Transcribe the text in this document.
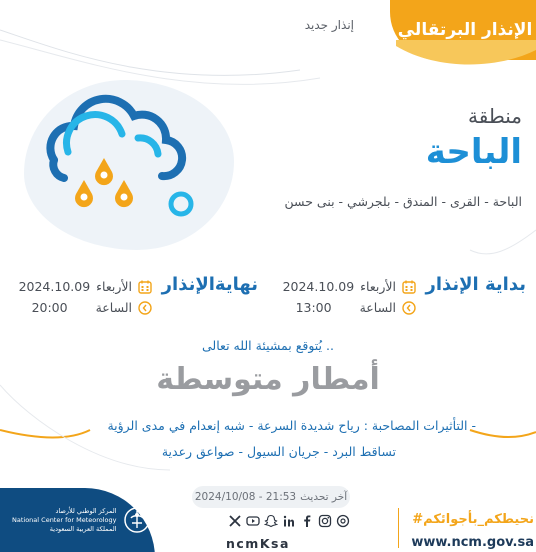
الإنذار البرتقالي
إنذار جديد
منطقة
الباحة
الباحة - القرى - المندق - بلجرشي - بنى حسن
بداية الإنذار
2024.10.09 الأربعاء
13:00 الساعة
نهايةالإنذار
2024.10.09 الأربعاء
20:00 الساعة
يُتوقع بمشيئة الله تعالى ..
أمطار متوسطة
التأثيرات المصاحبة : رياح شديدة السرعة - شبه إنعدام في مدى الرؤية -
تساقط البرد - جريان السيول - صواعق رعدية
2024/10/08 - 21:53 آخر تحديث
المركز الوطني للأرصاد
National Center for Meteorology
المملكة العربية السعودية
ncmKsa
#نحيطكم_بأجوائكم
www.ncm.gov.sa
